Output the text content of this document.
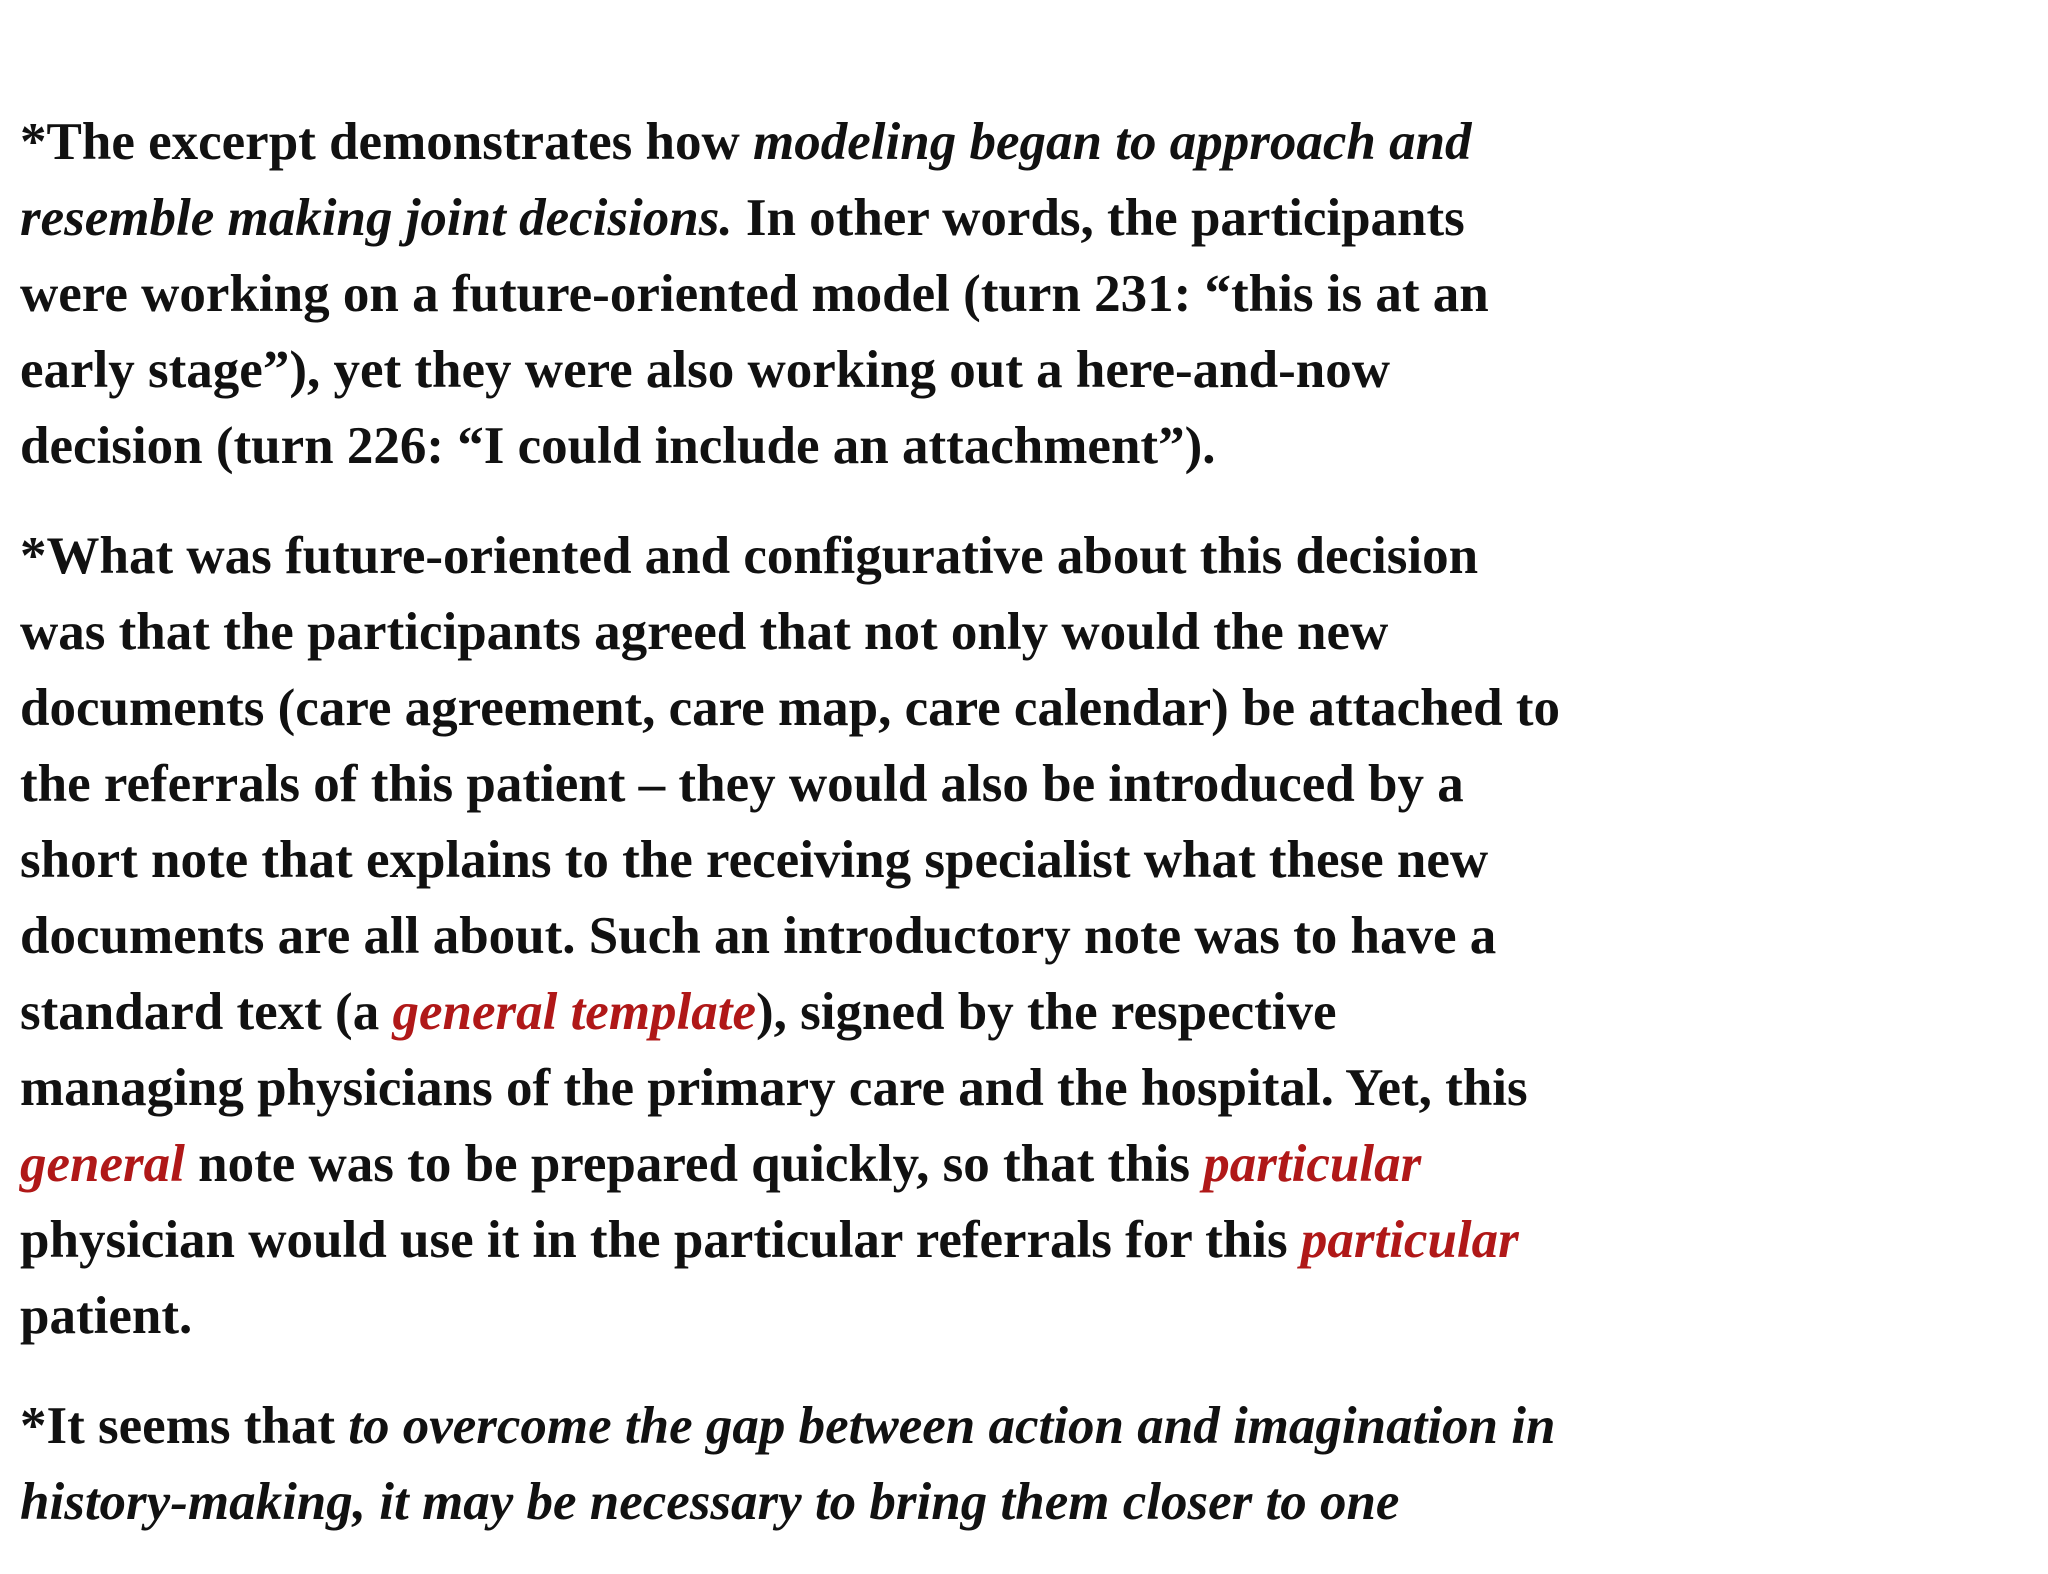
*The excerpt demonstrates how modeling began to approach and
resemble making joint decisions. In other words, the participants
were working on a future-oriented model (turn 231: “this is at an
early stage”), yet they were also working out a here-and-now
decision (turn 226: “I could include an attachment”).

*What was future-oriented and configurative about this decision
was that the participants agreed that not only would the new
documents (care agreement, care map, care calendar) be attached to
the referrals of this patient – they would also be introduced by a
short note that explains to the receiving specialist what these new
documents are all about. Such an introductory note was to have a
standard text (a general template), signed by the respective
managing physicians of the primary care and the hospital. Yet, this
general note was to be prepared quickly, so that this particular
physician would use it in the particular referrals for this particular
patient.

*It seems that to overcome the gap between action and imagination in
history-making, it may be necessary to bring them closer to one
